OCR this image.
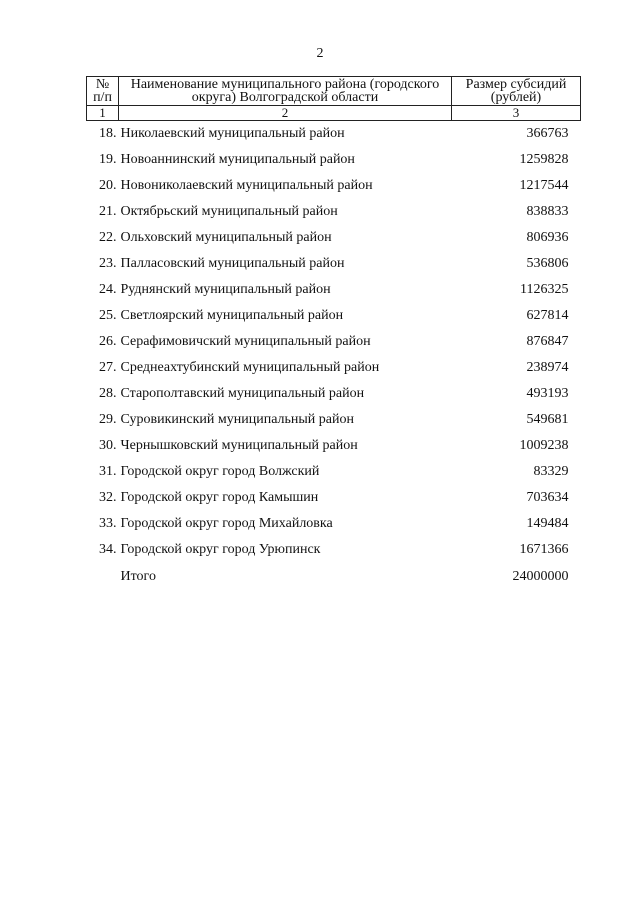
2
№ п/п	Наименование муниципального района (городского округа) Волгоградской области	Размер субсидий (рублей)
1	2	3
18.	Николаевский муниципальный район	366763
19.	Новоаннинский муниципальный район	1259828
20.	Новониколаевский муниципальный район	1217544
21.	Октябрьский муниципальный район	838833
22.	Ольховский муниципальный район	806936
23.	Палласовский муниципальный район	536806
24.	Руднянский муниципальный район	1126325
25.	Светлоярский муниципальный район	627814
26.	Серафимовичский муниципальный район	876847
27.	Среднеахтубинский муниципальный район	238974
28.	Старополтавский муниципальный район	493193
29.	Суровикинский муниципальный район	549681
30.	Чернышковский муниципальный район	1009238
31.	Городской округ город Волжский	83329
32.	Городской округ город Камышин	703634
33.	Городской округ город Михайловка	149484
34.	Городской округ город Урюпинск	1671366
	Итого	24000000
